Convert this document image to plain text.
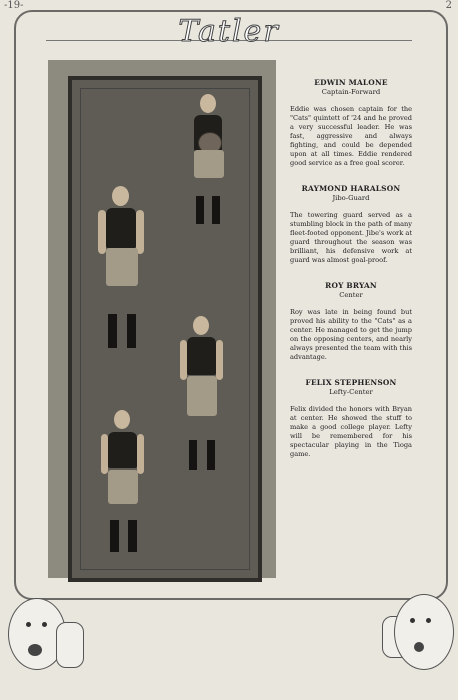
-19-	2
Tatler
EDWIN MALONE
Captain-Forward

Eddie was chosen captain for the "Cats" quintett of '24 and he proved a very successful leader. He was fast, aggressive and always fighting, and could be depended upon at all times. Eddie rendered good service as a free goal scorer.

RAYMOND HARALSON
Jibo-Guard

The towering guard served as a stumbling block in the path of many fleet-footed opponent. Jibe's work at guard throughout the season was brilliant, his defensive work at guard was almost goal-proof.

ROY BRYAN
Center

Roy was late in being found but proved his ability to the "Cats" as a center. He managed to get the jump on the opposing centers, and nearly always presented the team with this advantage.

FELIX STEPHENSON
Lefty-Center

Felix divided the honors with Bryan at center. He showed the stuff to make a good college player. Lefty will be remembered for his spectacular playing in the Tioga game.
